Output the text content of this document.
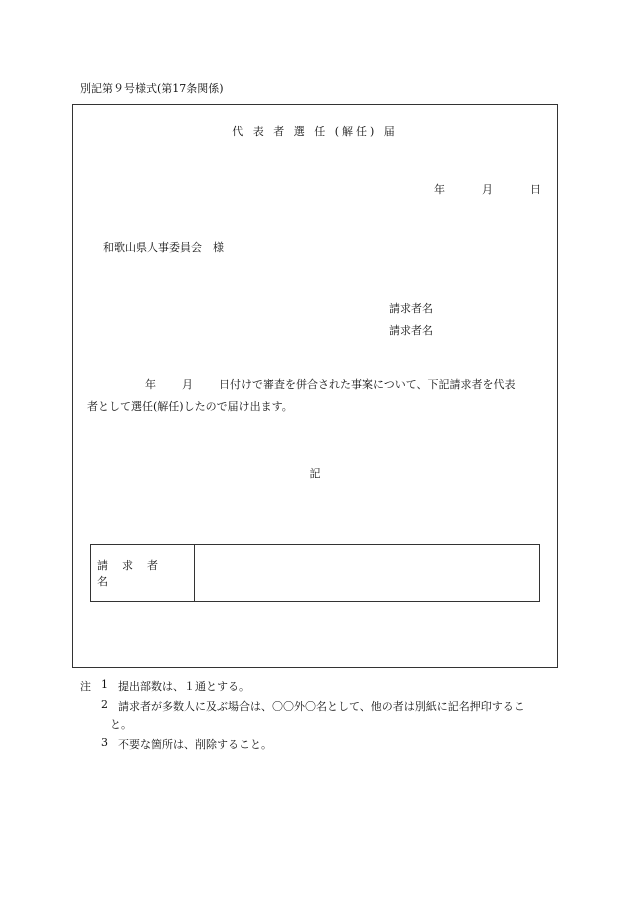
別記第９号様式(第17条関係)
代 表 者 選 任 (解任) 届
年	月	日
和歌山県人事委員会　様
請求者名
請求者名
年 月 日付けで審査を併合された事案について、下記請求者を代表
者として選任(解任)したので届け出ます。
記
請求者名
注 1 提出部数は、１通とする。
2 請求者が多数人に及ぶ場合は、〇〇外〇名として、他の者は別紙に記名押印するこ
と。
3 不要な箇所は、削除すること。
